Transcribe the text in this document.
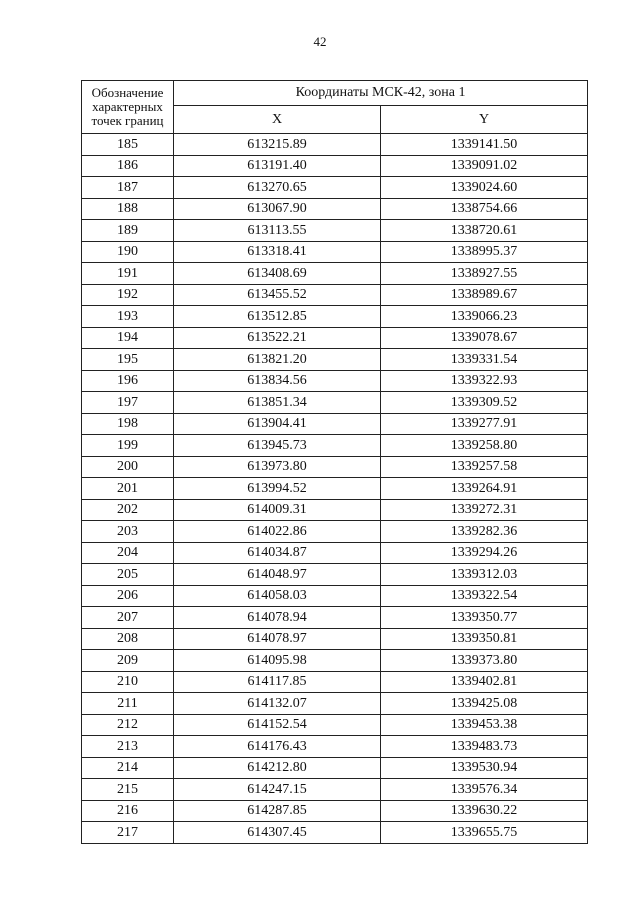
42
Обозначение характерных точек границ	Координаты МСК-42, зона 1	
	X	Y
185	613215.89	1339141.50
186	613191.40	1339091.02
187	613270.65	1339024.60
188	613067.90	1338754.66
189	613113.55	1338720.61
190	613318.41	1338995.37
191	613408.69	1338927.55
192	613455.52	1338989.67
193	613512.85	1339066.23
194	613522.21	1339078.67
195	613821.20	1339331.54
196	613834.56	1339322.93
197	613851.34	1339309.52
198	613904.41	1339277.91
199	613945.73	1339258.80
200	613973.80	1339257.58
201	613994.52	1339264.91
202	614009.31	1339272.31
203	614022.86	1339282.36
204	614034.87	1339294.26
205	614048.97	1339312.03
206	614058.03	1339322.54
207	614078.94	1339350.77
208	614078.97	1339350.81
209	614095.98	1339373.80
210	614117.85	1339402.81
211	614132.07	1339425.08
212	614152.54	1339453.38
213	614176.43	1339483.73
214	614212.80	1339530.94
215	614247.15	1339576.34
216	614287.85	1339630.22
217	614307.45	1339655.75
